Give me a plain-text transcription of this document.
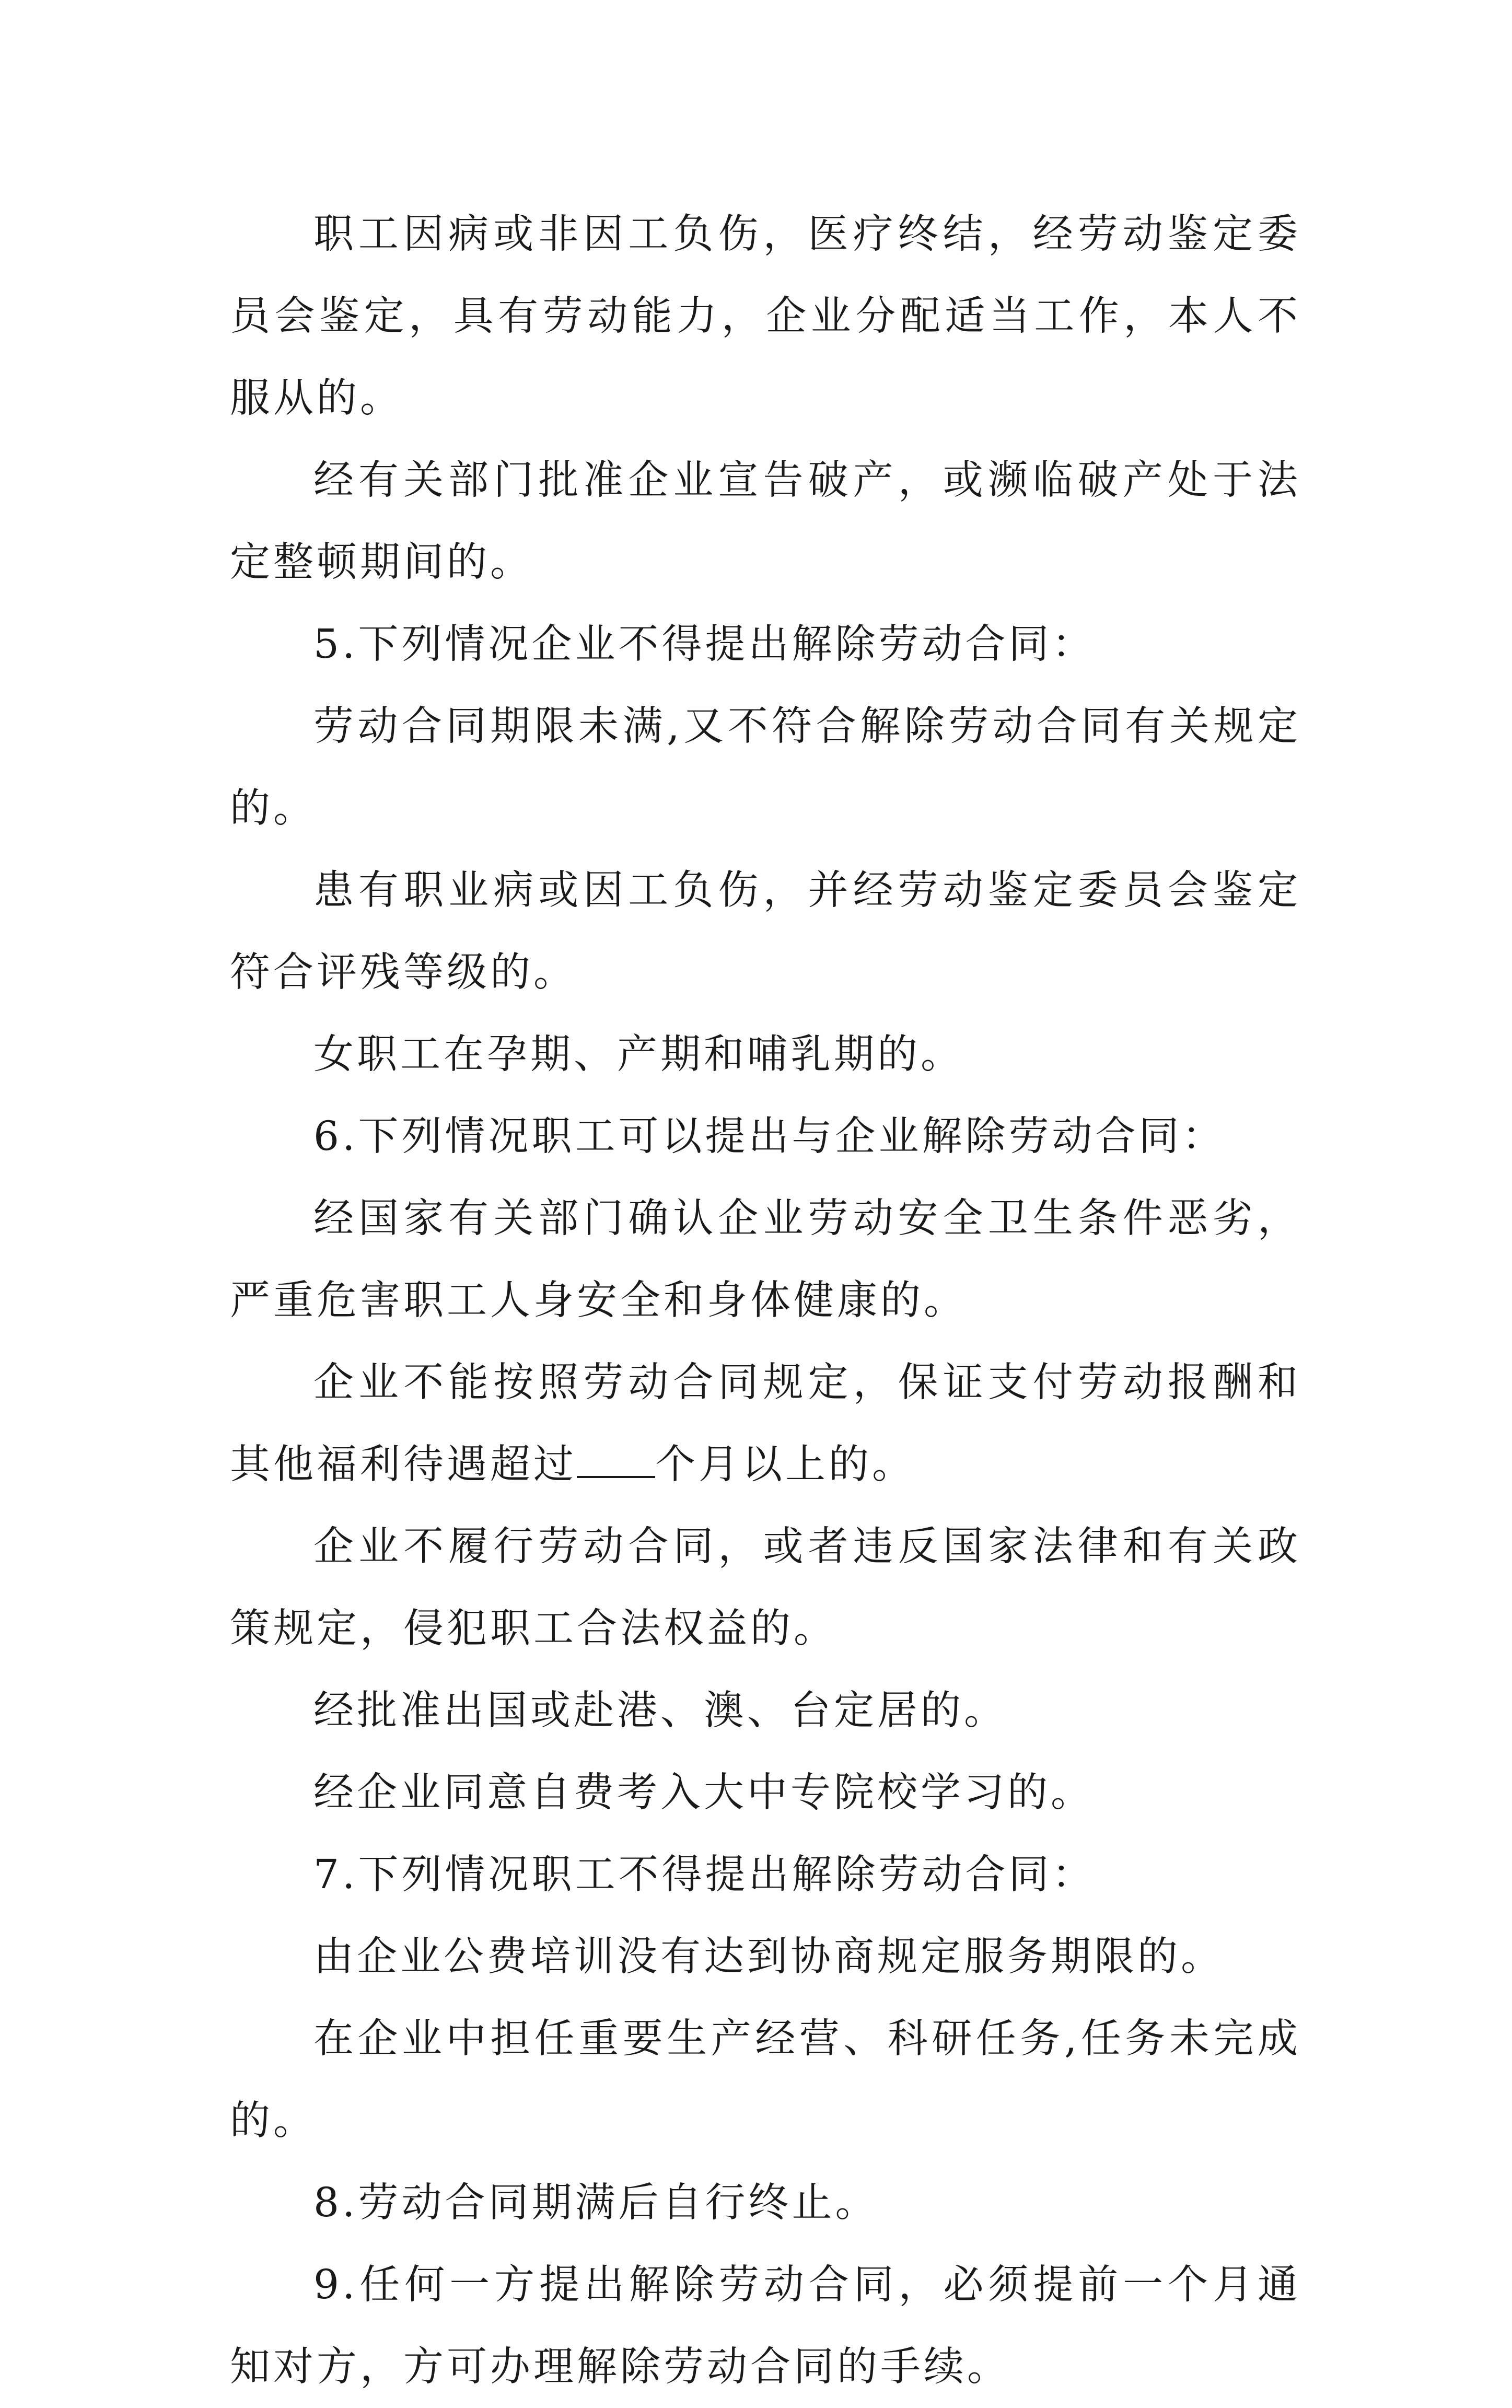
职工因病或非因工负伤，医疗终结，经劳动鉴定委员会鉴定，具有劳动能力，企业分配适当工作，本人不服从的。

经有关部门批准企业宣告破产，或濒临破产处于法定整顿期间的。

5.下列情况企业不得提出解除劳动合同：

劳动合同期限未满,又不符合解除劳动合同有关规定的。

患有职业病或因工负伤，并经劳动鉴定委员会鉴定符合评残等级的。

女职工在孕期、产期和哺乳期的。

6.下列情况职工可以提出与企业解除劳动合同：

经国家有关部门确认企业劳动安全卫生条件恶劣，严重危害职工人身安全和身体健康的。

企业不能按照劳动合同规定，保证支付劳动报酬和其他福利待遇超过 个月以上的。

企业不履行劳动合同，或者违反国家法律和有关政策规定，侵犯职工合法权益的。

经批准出国或赴港、澳、台定居的。

经企业同意自费考入大中专院校学习的。

7.下列情况职工不得提出解除劳动合同：

由企业公费培训没有达到协商规定服务期限的。

在企业中担任重要生产经营、科研任务,任务未完成的。

8.劳动合同期满后自行终止。

9.任何一方提出解除劳动合同，必须提前一个月通知对方，方可办理解除劳动合同的手续。
